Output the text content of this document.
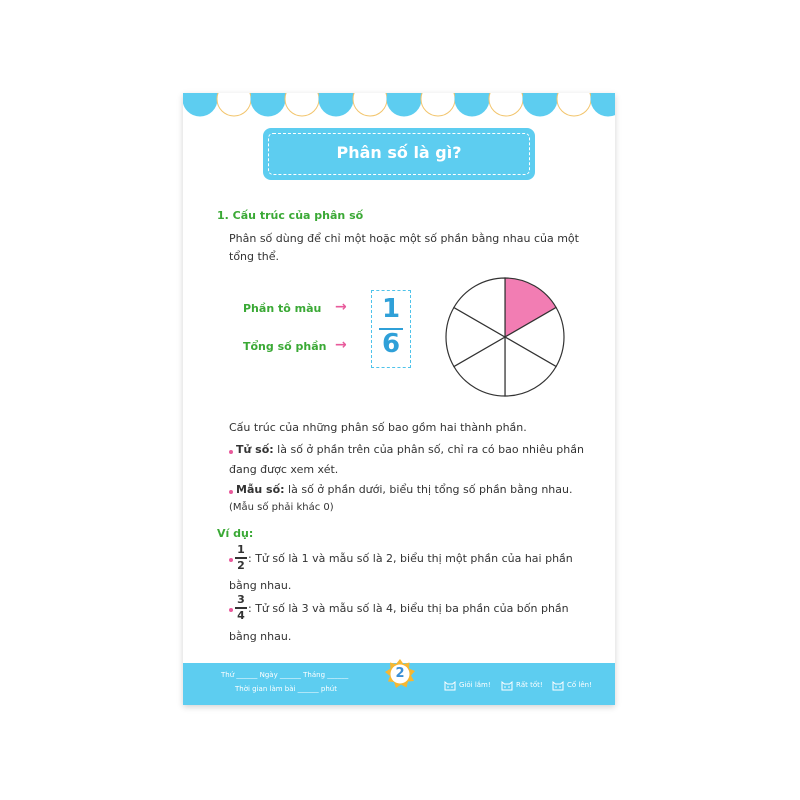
Phân số là gì?
1. Cấu trúc của phân số
Phân số dùng để chỉ một hoặc một số phần bằng nhau của một
tổng thể.
Phần tô màu
Tổng số phần
→
→
1
6
Cấu trúc của những phân số bao gồm hai thành phần.
Tử số: là số ở phần trên của phân số, chỉ ra có bao nhiêu phần
đang được xem xét.
Mẫu số: là số ở phần dưới, biểu thị tổng số phần bằng nhau.
(Mẫu số phải khác 0)
Ví dụ:
1
2 : Tử số là 1 và mẫu số là 2, biểu thị một phần của hai phần
bằng nhau.
3
4 : Tử số là 3 và mẫu số là 4, biểu thị ba phần của bốn phần
bằng nhau.
Thứ ______ Ngày ______ Tháng ______
Thời gian làm bài ______ phút
2
Giỏi lắm!	Rất tốt!	Cố lên!
